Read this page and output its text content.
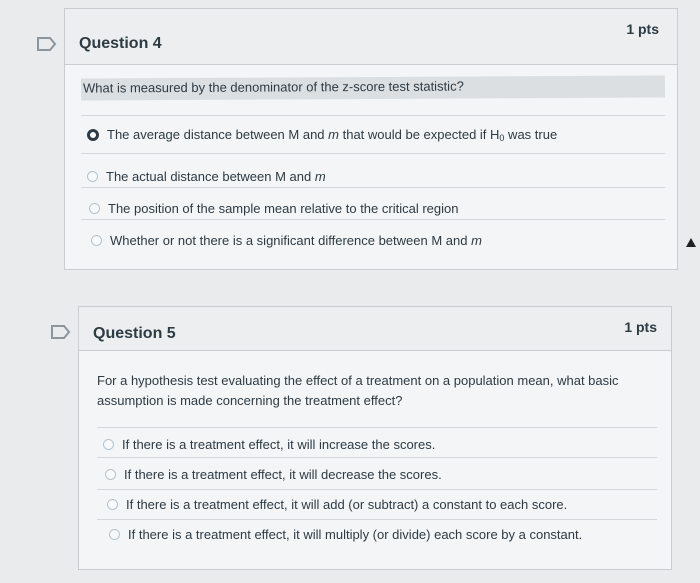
Question 4
1 pts
What is measured by the denominator of the z-score test statistic?
The average distance between M and m that would be expected if $H_0$ was true
The actual distance between M and m
The position of the sample mean relative to the critical region
Whether or not there is a significant difference between M and m
Question 5	1 pts
For a hypothesis test evaluating the effect of a treatment on a population mean, what basic
assumption is made concerning the treatment effect?
If there is a treatment effect, it will increase the scores.
If there is a treatment effect, it will decrease the scores.
If there is a treatment effect, it will add (or subtract) a constant to each score.
If there is a treatment effect, it will multiply (or divide) each score by a constant.
